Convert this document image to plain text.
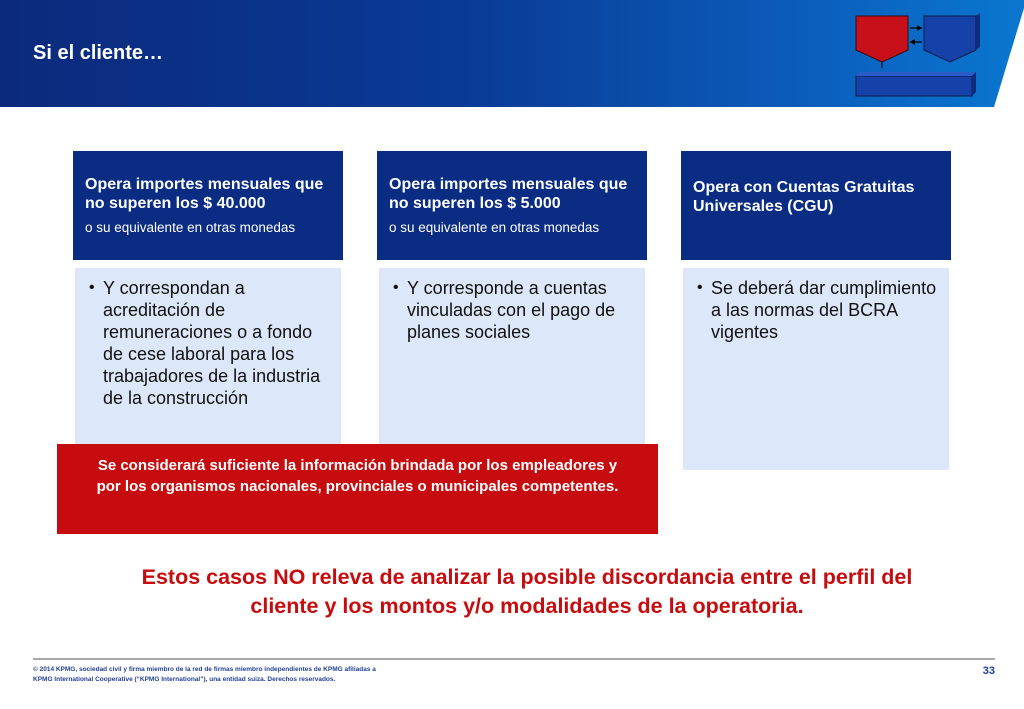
Si el cliente…
Opera importes mensuales que no superen los $ 40.000
o su equivalente en otras monedas
• Y correspondan a acreditación de remuneraciones o a fondo de cese laboral para los trabajadores de la industria de la construcción
Opera importes mensuales que no superen los $ 5.000
o su equivalente en otras monedas
• Y corresponde a cuentas vinculadas con el pago de planes sociales
Opera con Cuentas Gratuitas Universales (CGU)
• Se deberá dar cumplimiento a las normas del BCRA vigentes
Se considerará suficiente la información brindada por los empleadores y por los organismos nacionales, provinciales o municipales competentes.
Estos casos NO releva de analizar la posible discordancia entre el perfil del cliente y los montos y/o modalidades de la operatoria.
© 2014 KPMG, sociedad civil y firma miembro de la red de firmas miembro independientes de KPMG afiliadas a
KPMG International Cooperative (“KPMG International”), una entidad suiza. Derechos reservados.
33
